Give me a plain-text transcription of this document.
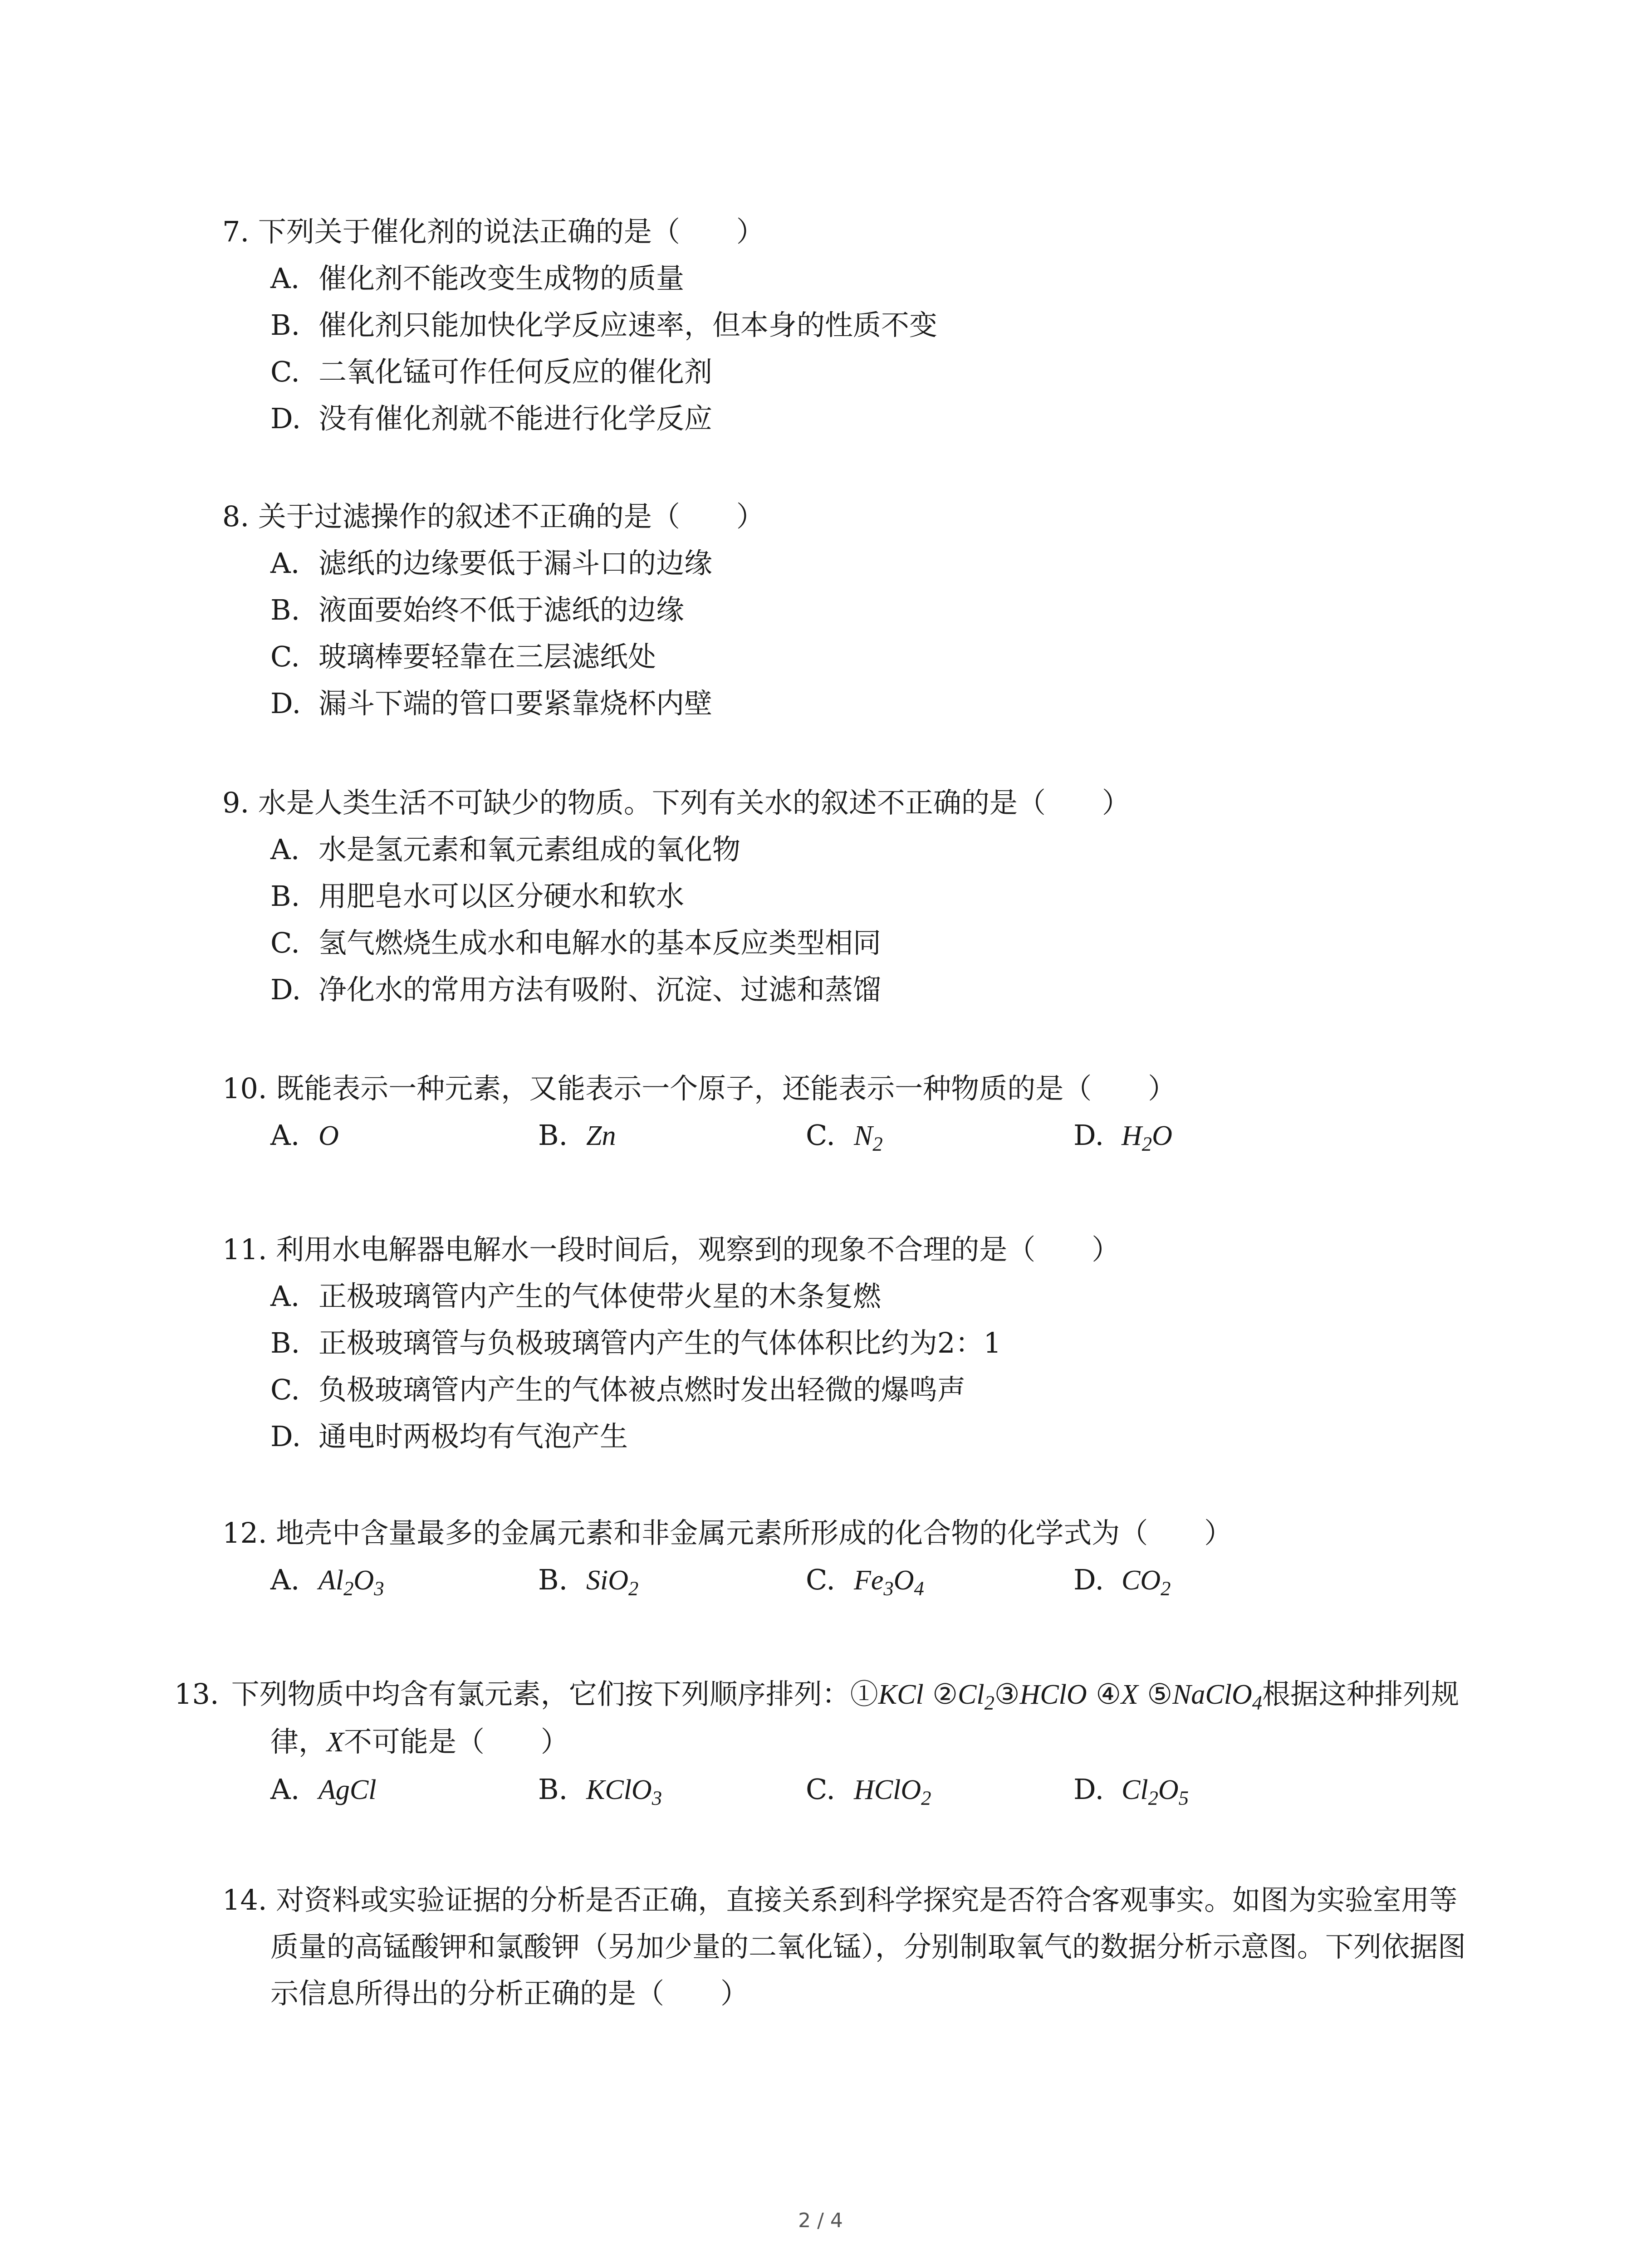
7. 下列关于催化剂的说法正确的是（　　）
A. 催化剂不能改变生成物的质量
B. 催化剂只能加快化学反应速率，但本身的性质不变
C. 二氧化锰可作任何反应的催化剂
D. 没有催化剂就不能进行化学反应
8. 关于过滤操作的叙述不正确的是（　　）
A. 滤纸的边缘要低于漏斗口的边缘
B. 液面要始终不低于滤纸的边缘
C. 玻璃棒要轻靠在三层滤纸处
D. 漏斗下端的管口要紧靠烧杯内壁
9. 水是人类生活不可缺少的物质。下列有关水的叙述不正确的是（　　）
A. 水是氢元素和氧元素组成的氧化物
B. 用肥皂水可以区分硬水和软水
C. 氢气燃烧生成水和电解水的基本反应类型相同
D. 净化水的常用方法有吸附、沉淀、过滤和蒸馏
10. 既能表示一种元素，又能表示一个原子，还能表示一种物质的是（　　）
A. O	B. Zn	C. $N_2$	D. $H_2O$
11. 利用水电解器电解水一段时间后，观察到的现象不合理的是（　　）
A. 正极玻璃管内产生的气体使带火星的木条复燃
B. 正极玻璃管与负极玻璃管内产生的气体体积比约为2：1
C. 负极玻璃管内产生的气体被点燃时发出轻微的爆鸣声
D. 通电时两极均有气泡产生
12. 地壳中含量最多的金属元素和非金属元素所形成的化合物的化学式为（　　）
A. $Al_2O_3$	B. SiO$_2$	C. $Fe_3O_4$	D. $CO_2$
13. 下列物质中均含有氯元素，它们按下列顺序排列：①KCl $②Cl_2③HClO$ ④X ⑤NaClO$_4$根据这种排列规律，X不可能是（　　）
A. AgCl	B. KClO$_3$	C. HClO$_2$	D. $Cl_2O_5$
14. 对资料或实验证据的分析是否正确，直接关系到科学探究是否符合客观事实。如图为实验室用等质量的高锰酸钾和氯酸钾（另加少量的二氧化锰），分别制取氧气的数据分析示意图。下列依据图示信息所得出的分析正确的是（　　）
2 / 4
